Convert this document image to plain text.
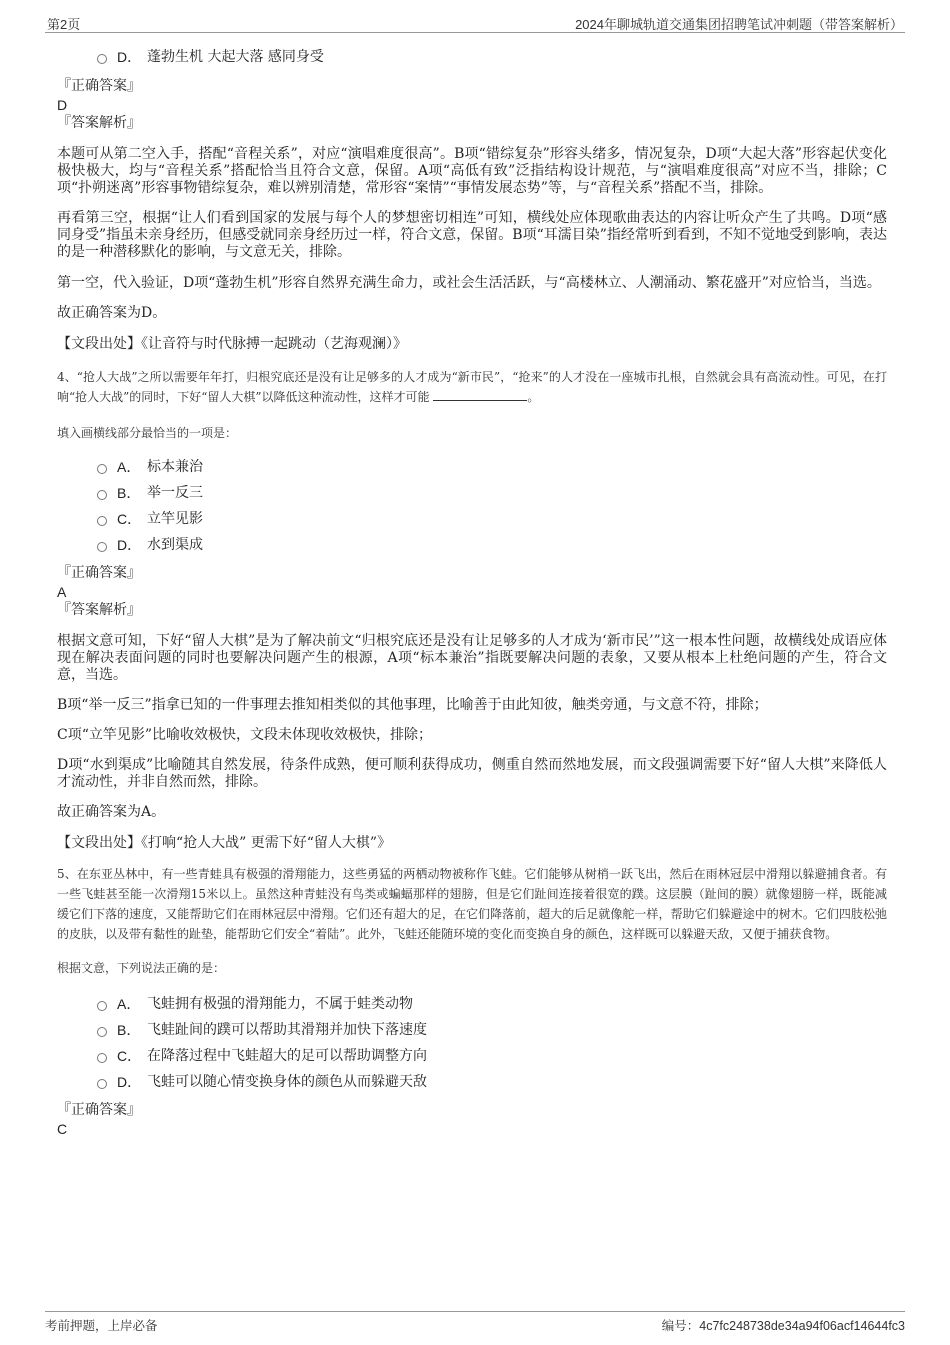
第2页	2024年聊城轨道交通集团招聘笔试冲刺题（带答案解析）
D． 蓬勃生机 大起大落 感同身受
『正确答案』
D
『答案解析』

本题可从第二空入手，搭配“音程关系”，对应“演唱难度很高”。B项“错综复杂”形容头绪多，情况复杂，D项“大起大落”形容起伏变化极快极大，均与“音程关系”搭配恰当且符合文意，保留。A项“高低有致”泛指结构设计规范，与“演唱难度很高”对应不当，排除；C项“扑朔迷离”形容事物错综复杂，难以辨别清楚，常形容“案情”“事情发展态势”等，与“音程关系”搭配不当，排除。

再看第三空，根据“让人们看到国家的发展与每个人的梦想密切相连”可知，横线处应体现歌曲表达的内容让听众产生了共鸣。D项“感同身受”指虽未亲身经历，但感受就同亲身经历过一样，符合文意，保留。B项“耳濡目染”指经常听到看到，不知不觉地受到影响，表达的是一种潜移默化的影响，与文意无关，排除。

第一空，代入验证，D项“蓬勃生机”形容自然界充满生命力，或社会生活活跃，与“高楼林立、人潮涌动、繁花盛开”对应恰当，当选。

故正确答案为D。

【文段出处】《让音符与时代脉搏一起跳动（艺海观澜）》

4、“抢人大战”之所以需要年年打，归根究底还是没有让足够多的人才成为“新市民”，“抢来”的人才没在一座城市扎根，自然就会具有高流动性。可见，在打响“抢人大战”的同时，下好“留人大棋”以降低这种流动性，这样才可能	。

填入画横线部分最恰当的一项是：
A． 标本兼治
B． 举一反三
C． 立竿见影
D． 水到渠成
『正确答案』
A
『答案解析』

根据文意可知，下好“留人大棋”是为了解决前文“归根究底还是没有让足够多的人才成为‘新市民’”这一根本性问题，故横线处成语应体现在解决表面问题的同时也要解决问题产生的根源，A项“标本兼治”指既要解决问题的表象，又要从根本上杜绝问题的产生，符合文意，当选。

B项“举一反三”指拿已知的一件事理去推知相类似的其他事理，比喻善于由此知彼，触类旁通，与文意不符，排除；

C项“立竿见影”比喻收效极快，文段未体现收效极快，排除；

D项“水到渠成”比喻随其自然发展，待条件成熟，便可顺利获得成功，侧重自然而然地发展，而文段强调需要下好“留人大棋”来降低人才流动性，并非自然而然，排除。

故正确答案为A。

【文段出处】《打响“抢人大战” 更需下好“留人大棋”》

5、在东亚丛林中，有一些青蛙具有极强的滑翔能力，这些勇猛的两栖动物被称作飞蛙。它们能够从树梢一跃飞出，然后在雨林冠层中滑翔以躲避捕食者。有一些飞蛙甚至能一次滑翔15米以上。虽然这种青蛙没有鸟类或蝙蝠那样的翅膀，但是它们趾间连接着很宽的蹼。这层膜（趾间的膜）就像翅膀一样，既能减缓它们下落的速度，又能帮助它们在雨林冠层中滑翔。它们还有超大的足，在它们降落前，超大的后足就像舵一样，帮助它们躲避途中的树木。它们四肢松弛的皮肤，以及带有黏性的趾垫，能帮助它们安全“着陆”。此外，飞蛙还能随环境的变化而变换自身的颜色，这样既可以躲避天敌，又便于捕获食物。

根据文意，下列说法正确的是：
A． 飞蛙拥有极强的滑翔能力，不属于蛙类动物
B． 飞蛙趾间的蹼可以帮助其滑翔并加快下落速度
C． 在降落过程中飞蛙超大的足可以帮助调整方向
D． 飞蛙可以随心情变换身体的颜色从而躲避天敌
『正确答案』
C
考前押题，上岸必备	编号：4c7fc248738de34a94f06acf14644fc3
